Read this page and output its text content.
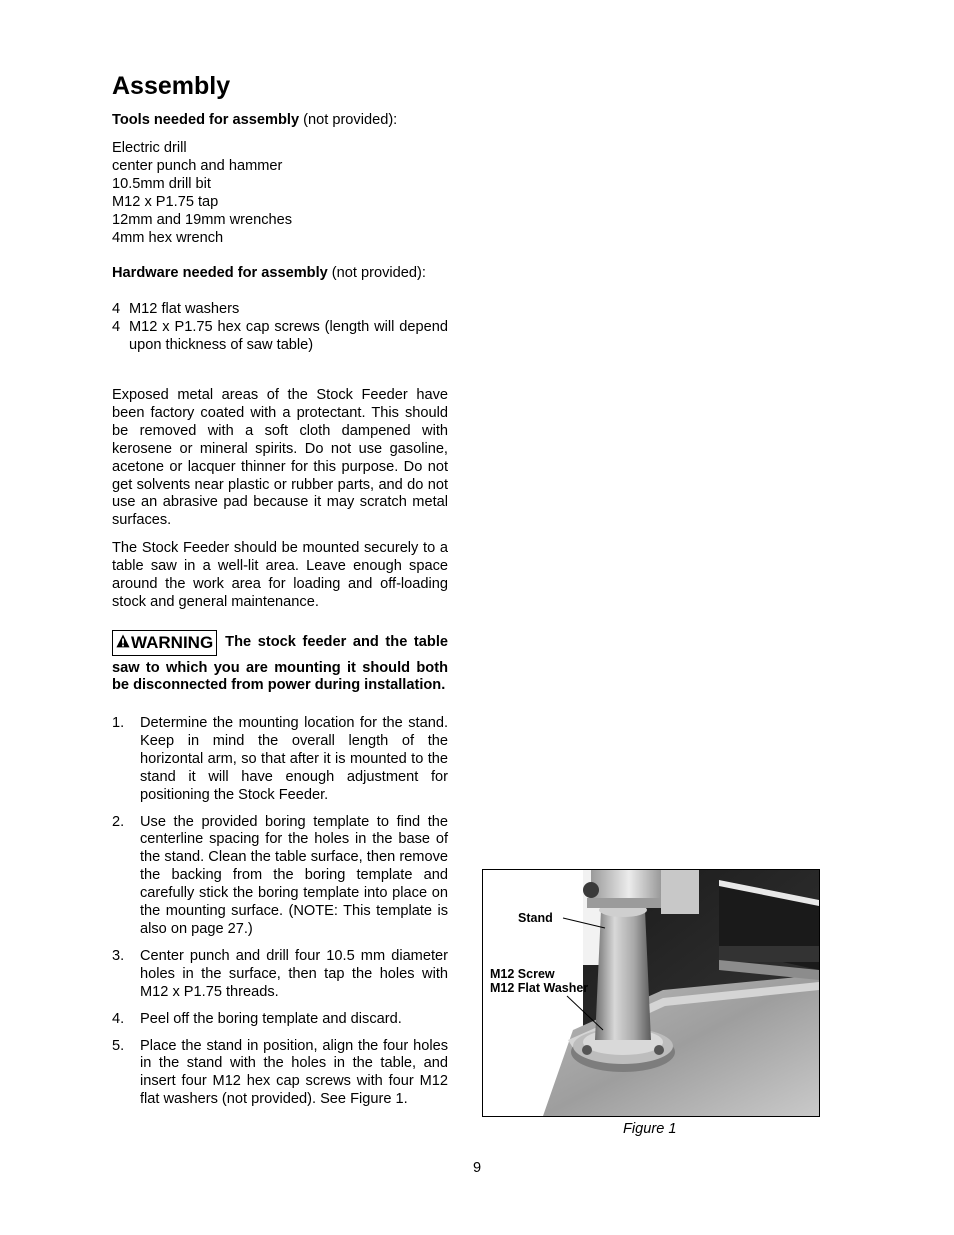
Assembly
Tools needed for assembly (not provided):
Electric drill
center punch and hammer
10.5mm drill bit
M12 x P1.75 tap
12mm and 19mm wrenches
4mm hex wrench
Hardware needed for assembly (not provided):
4 M12 flat washers
4 M12 x P1.75 hex cap screws (length will depend upon thickness of saw table)

Exposed metal areas of the Stock Feeder have been factory coated with a protectant. This should be removed with a soft cloth dampened with kerosene or mineral spirits. Do not use gasoline, acetone or lacquer thinner for this purpose. Do not get solvents near plastic or rubber parts, and do not use an abrasive pad because it may scratch metal surfaces.

The Stock Feeder should be mounted securely to a table saw in a well-lit area. Leave enough space around the work area for loading and off-loading stock and general maintenance.

WARNING The stock feeder and the table saw to which you are mounting it should both be disconnected from power during installation.
1. Determine the mounting location for the stand. Keep in mind the overall length of the horizontal arm, so that after it is mounted to the stand it will have enough adjustment for positioning the Stock Feeder.
2. Use the provided boring template to find the centerline spacing for the holes in the base of the stand. Clean the table surface, then remove the backing from the boring template and carefully stick the boring template into place on the mounting surface. (NOTE: This template is also on page 27.)
3. Center punch and drill four 10.5 mm diameter holes in the surface, then tap the holes with M12 x P1.75 threads.
4. Peel off the boring template and discard.
5. Place the stand in position, align the four holes in the stand with the holes in the table, and insert four M12 hex cap screws with four M12 flat washers (not provided). See Figure 1.
Stand
M12 Screw
M12 Flat Washer
Figure 1
9
